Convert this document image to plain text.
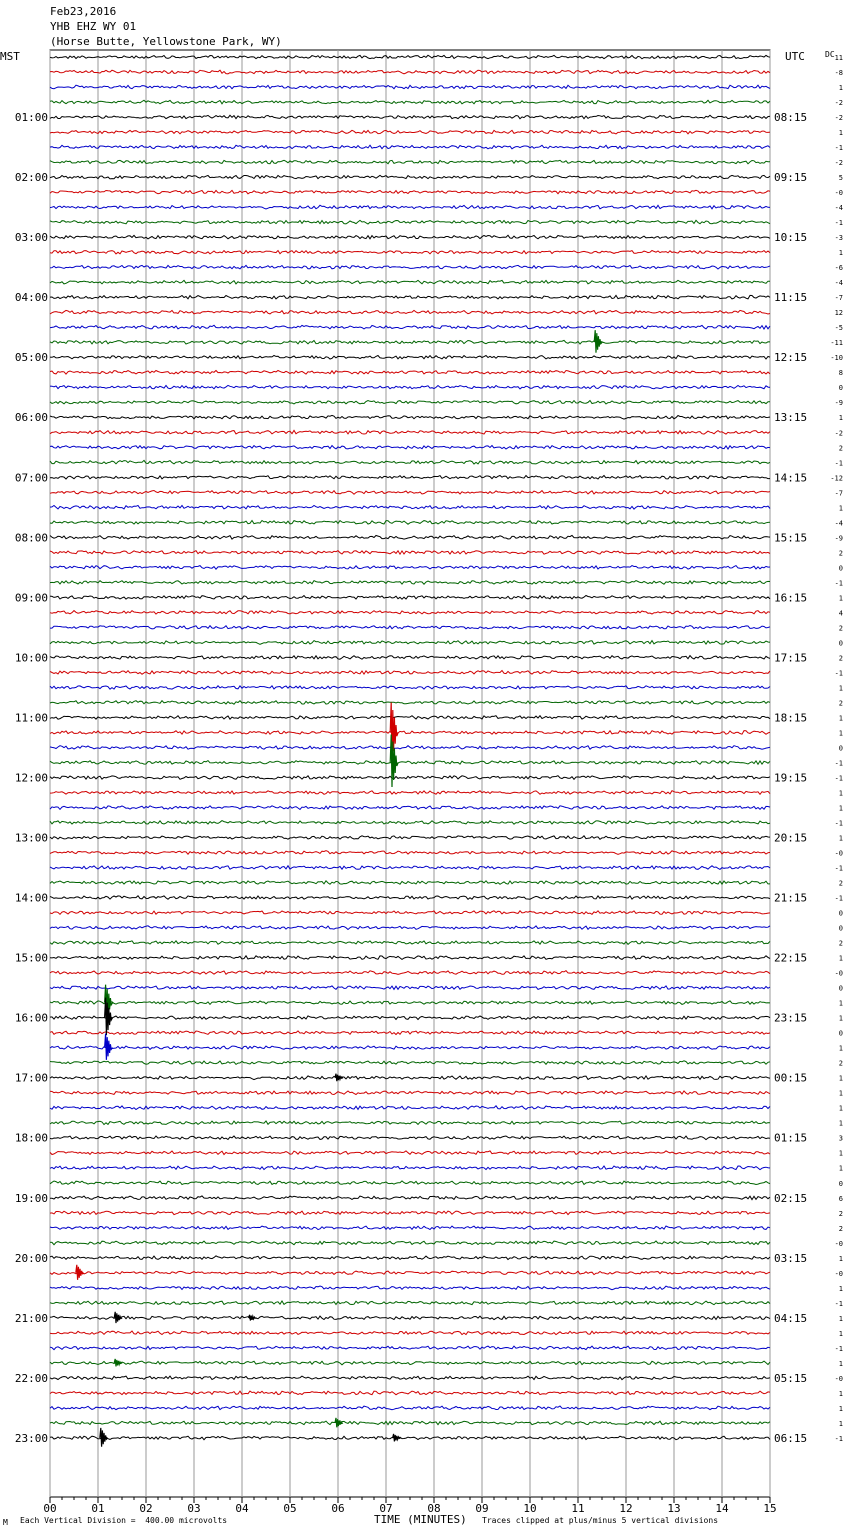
Feb23,2016
YHB EHZ WY 01
(Horse Butte, Yellowstone Park, WY)
MST	UTC	DC
00	01	02	03	04	05	06	07	08	09	10	11	12	13	14	15
11
-8
1
-2
-2
1
-1
-2
5
-0
-4
-1
-3
1
-6
-4
-7
12
-5
-11
-10
8
0
-9
1
-2
2
-1
-12
-7
1
-4
-9
2
0
-1
1
4
2
0
2
-1
1
2
1
1
0
-1
-1
1
1
-1
1
-0
-1
2
-1
0
0
2
1
-0
0
1
1
0
1
2
1
1
1
1
3
1
1
0
6
2
2
-0
1
-0
1
-1
1
1
-1
1
-0
1
1
1
-1
01:00
02:00
03:00
04:00
05:00
06:00
07:00
08:00
09:00
10:00
11:00
12:00
13:00
14:00
15:00
16:00
17:00
18:00
19:00
20:00
21:00
22:00
23:00
08:15
09:15
10:15
11:15
12:15
13:15
14:15
15:15
16:15
17:15
18:15
19:15
20:15
21:15
22:15
23:15
00:15
01:15
02:15
03:15
04:15
05:15
06:15
M Each Vertical Division =  400.00 microvolts	TIME (MINUTES) Traces clipped at plus/minus 5 vertical divisions
